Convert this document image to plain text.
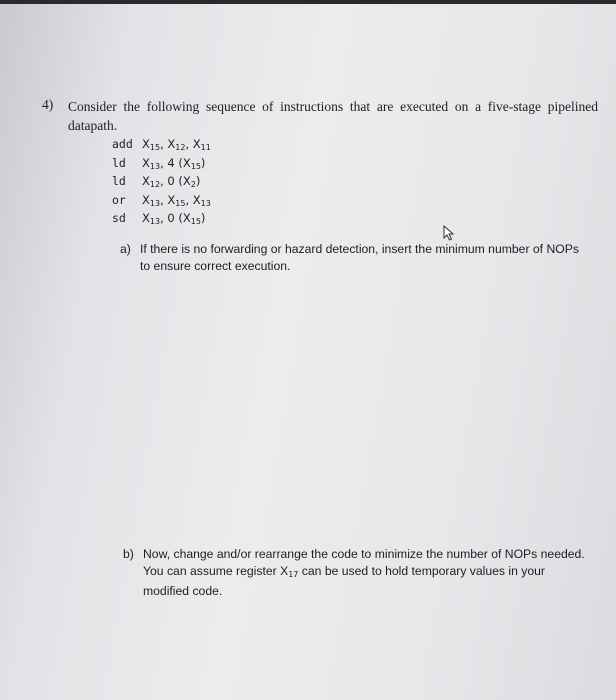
4) Consider the following sequence of instructions that are executed on a five-stage pipelined datapath.
add $X_{15}$, $X_{12}$, $X_{11}$
ld $X_{13}$, 4 $(X_{15})$
ld $X_{12}$, 0 $(X_2)$
or $X_{13}$, $X_{15}$, $X_{13}$
sd $X_{13}$, 0 $(X_{15})$
a) If there is no forwarding or hazard detection, insert the minimum number of NOPs to ensure correct execution.
b) Now, change and/or rearrange the code to minimize the number of NOPs needed. You can assume register $X_{17}$ can be used to hold temporary values in your modified code.
